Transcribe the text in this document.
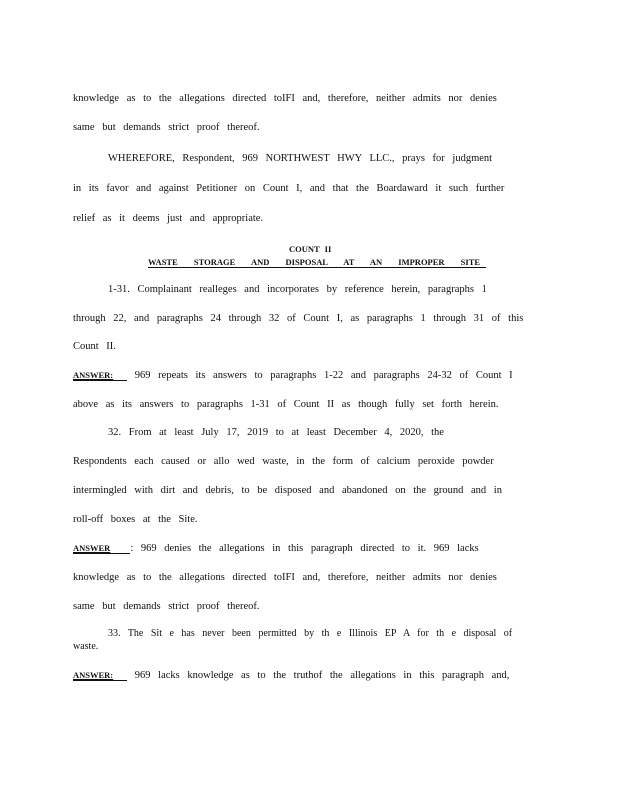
knowledge as to the allegations directed toIFI and, therefore, neither admits nor denies
same but demands strict proof thereof.
WHEREFORE, Respondent, 969 NORTHWEST HWY LLC., prays for judgment
in its favor and against Petitioner on Count I, and that the Boardaward it such further
relief as it deems just and appropriate.
COUNT II
WASTE STORAGE AND DISPOSAL AT AN IMPROPER SITE
1-31. Complainant realleges and incorporates by reference herein, paragraphs 1
through 22, and paragraphs 24 through 32 of Count I, as paragraphs 1 through 31 of this
Count II.
ANSWER: 969 repeats its answers to paragraphs 1-22 and paragraphs 24-32 of Count I
above as its answers to paragraphs 1-31 of Count II as though fully set forth herein.
32. From at least July 17, 2019 to at least December 4, 2020, the
Respondents each caused or allo wed waste, in the form of calcium peroxide powder
intermingled with dirt and debris, to be disposed and abandoned on the ground and in
roll-off boxes at the Site.
ANSWER : 969 denies the allegations in this paragraph directed to it. 969 lacks
knowledge as to the allegations directed toIFI and, therefore, neither admits nor denies
same but demands strict proof thereof.
33. The Sit e has never been permitted by th e Illinois EP A for th e disposal of
waste.
ANSWER: 969 lacks knowledge as to the truthof the allegations in this paragraph and,
